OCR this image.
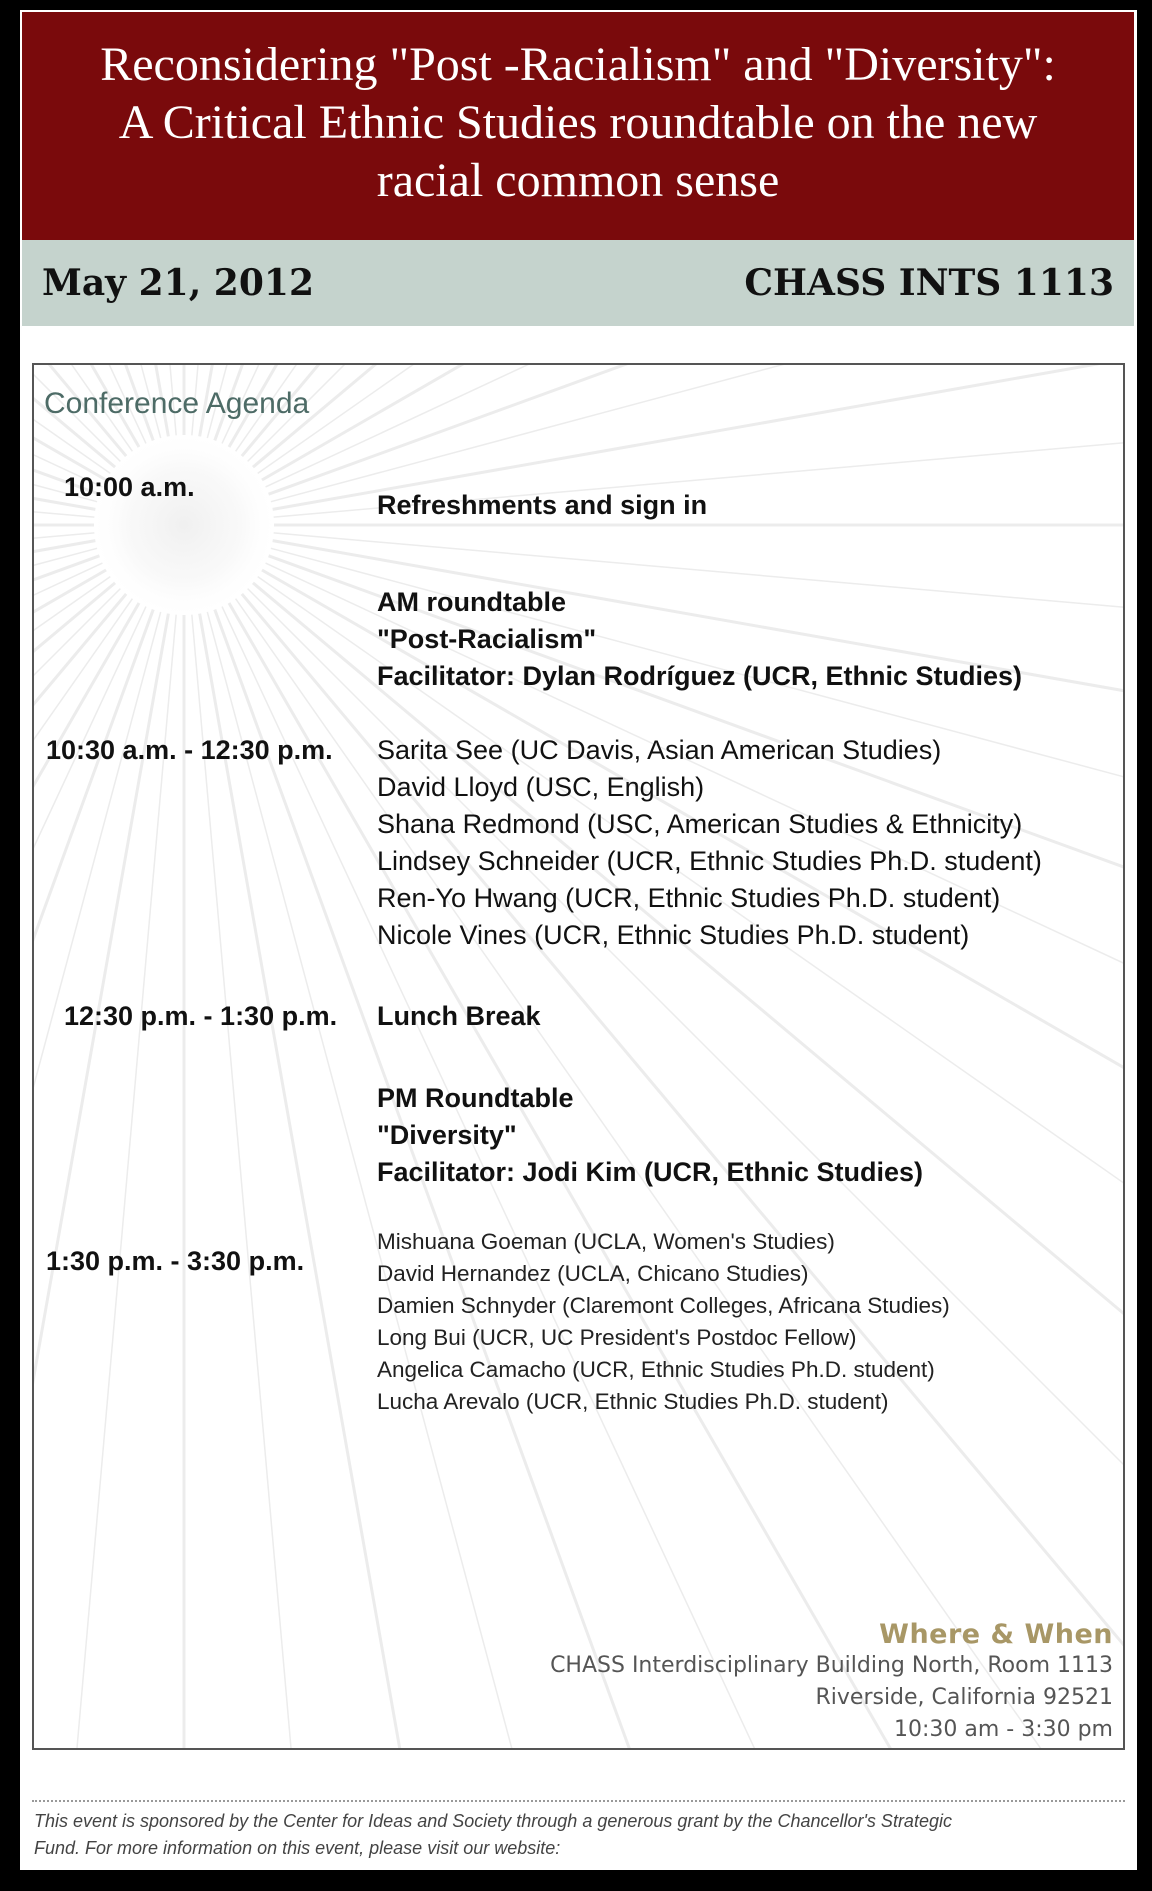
Reconsidering "Post -Racialism" and "Diversity":
A Critical Ethnic Studies roundtable on the new
racial common sense
May 21, 2012	CHASS INTS 1113
Conference Agenda
10:00 a.m.
Refreshments and sign in
AM roundtable
"Post-Racialism"
Facilitator: Dylan Rodríguez (UCR, Ethnic Studies)
10:30 a.m. - 12:30 p.m. Sarita See (UC Davis, Asian American Studies)
David Lloyd (USC, English)
Shana Redmond (USC, American Studies & Ethnicity)
Lindsey Schneider (UCR, Ethnic Studies Ph.D. student)
Ren-Yo Hwang (UCR, Ethnic Studies Ph.D. student)
Nicole Vines (UCR, Ethnic Studies Ph.D. student)
12:30 p.m. - 1:30 p.m. Lunch Break
PM Roundtable
"Diversity"
Facilitator: Jodi Kim (UCR, Ethnic Studies)
1:30 p.m. - 3:30 p.m.
Mishuana Goeman (UCLA, Women's Studies)
David Hernandez (UCLA, Chicano Studies)
Damien Schnyder (Claremont Colleges, Africana Studies)
Long Bui (UCR, UC President's Postdoc Fellow)
Angelica Camacho (UCR, Ethnic Studies Ph.D. student)
Lucha Arevalo (UCR, Ethnic Studies Ph.D. student)
Where & When
CHASS Interdisciplinary Building North, Room 1113
Riverside, California 92521
10:30 am - 3:30 pm
This event is sponsored by the Center for Ideas and Society through a generous grant by the Chancellor's Strategic
Fund. For more information on this event, please visit our website:
